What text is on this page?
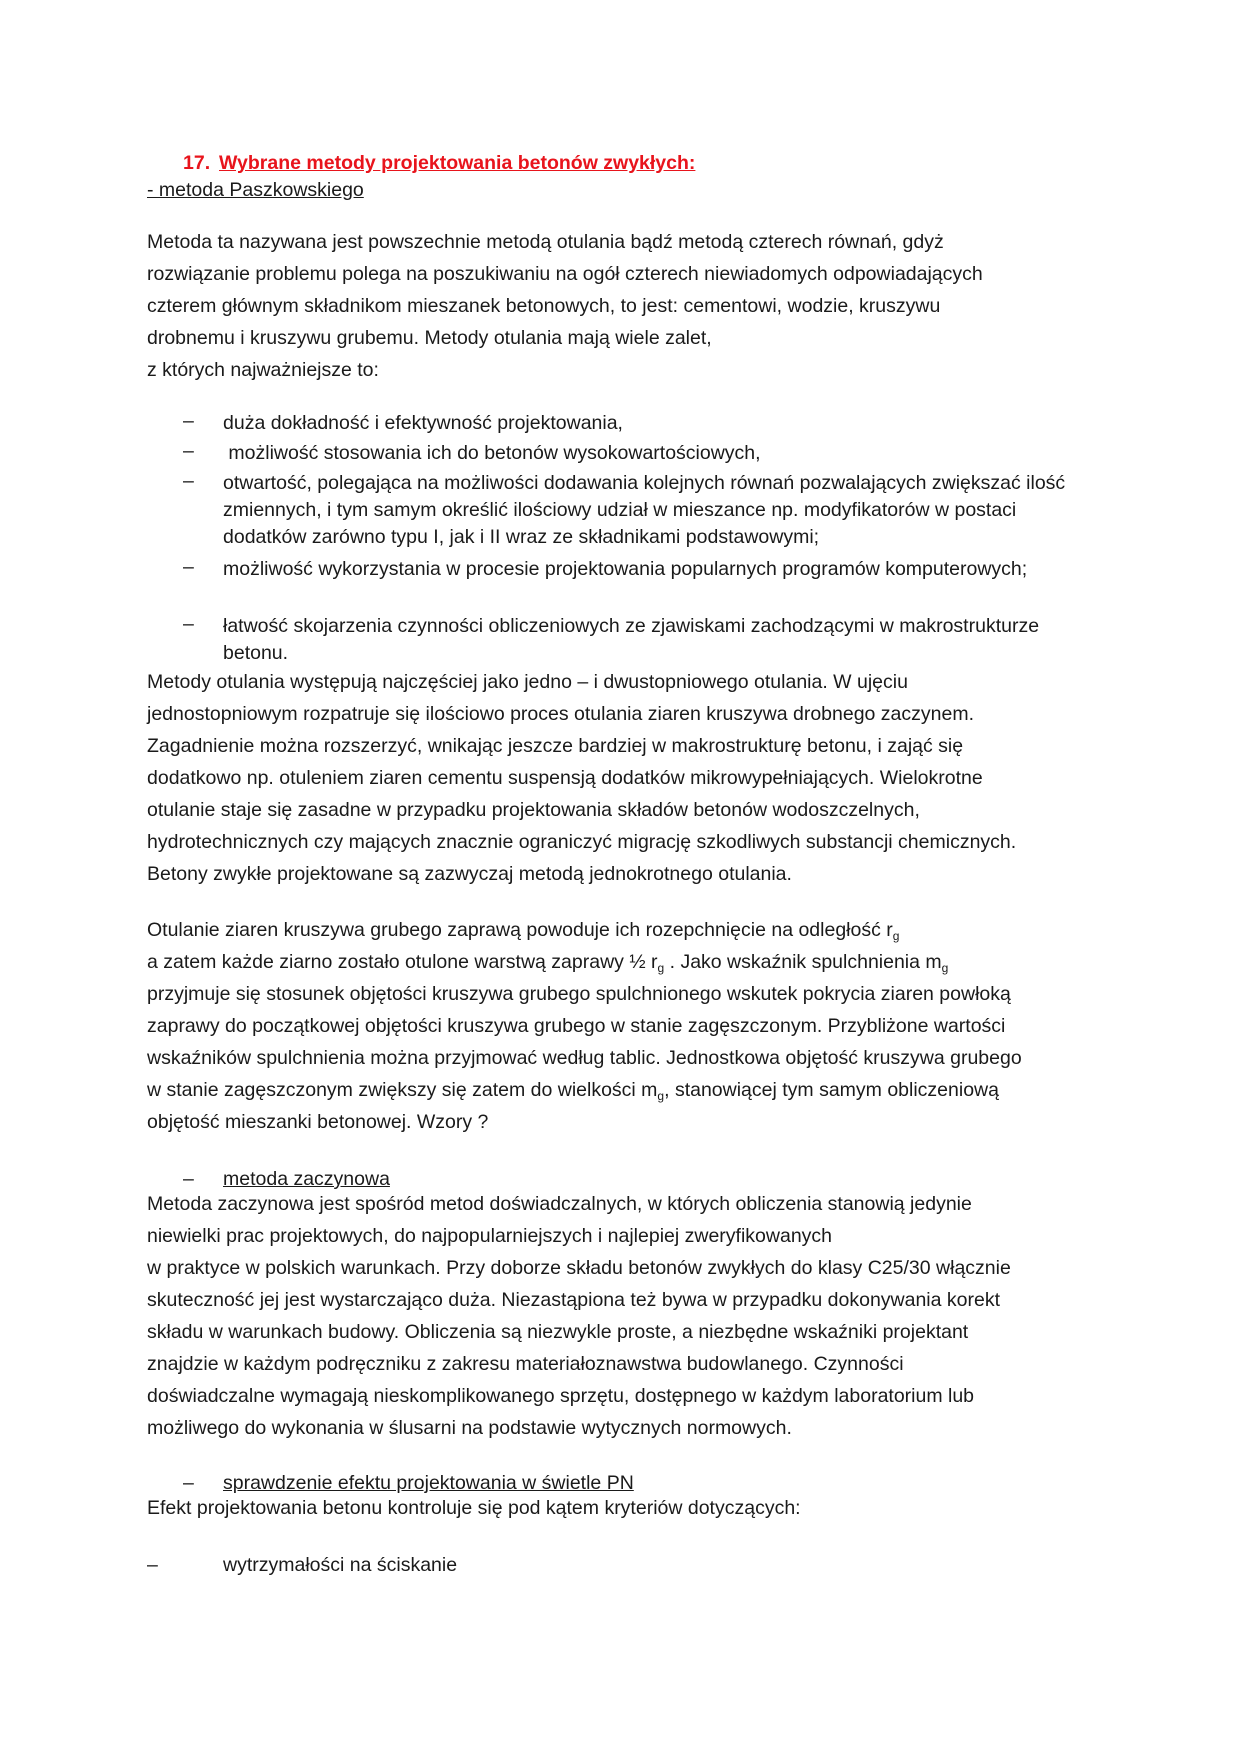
17. Wybrane metody projektowania betonów zwykłych:
- metoda Paszkowskiego

Metoda ta nazywana jest powszechnie metodą otulania bądź metodą czterech równań, gdyż

rozwiązanie problemu polega na poszukiwaniu na ogół czterech niewiadomych odpowiadających

czterem głównym składnikom mieszanek betonowych, to jest: cementowi, wodzie, kruszywu

drobnemu i kruszywu grubemu. Metody otulania mają wiele zalet,

z których najważniejsze to:

– duża dokładność i efektywność projektowania,
– możliwość stosowania ich do betonów wysokowartościowych,
– otwartość, polegająca na możliwości dodawania kolejnych równań pozwalających zwiększać ilość zmiennych, i tym samym określić ilościowy udział w mieszance np. modyfikatorów w postaci dodatków zarówno typu I, jak i II wraz ze składnikami podstawowymi;
– możliwość wykorzystania w procesie projektowania popularnych programów komputerowych;
– łatwość skojarzenia czynności obliczeniowych ze zjawiskami zachodzącymi w makrostrukturze betonu.

Metody otulania występują najczęściej jako jedno – i dwustopniowego otulania. W ujęciu

jednostopniowym rozpatruje się ilościowo proces otulania ziaren kruszywa drobnego zaczynem.

Zagadnienie można rozszerzyć, wnikając jeszcze bardziej w makrostrukturę betonu, i zająć się

dodatkowo np. otuleniem ziaren cementu suspensją dodatków mikrowypełniających. Wielokrotne

otulanie staje się zasadne w przypadku projektowania składów betonów wodoszczelnych,

hydrotechnicznych czy mających znacznie ograniczyć migrację szkodliwych substancji chemicznych.

Betony zwykłe projektowane są zazwyczaj metodą jednokrotnego otulania.

Otulanie ziaren kruszywa grubego zaprawą powoduje ich rozepchnięcie na odległość $r_g$

a zatem każde ziarno zostało otulone warstwą zaprawy ½ $r_g$ . Jako wskaźnik spulchnienia $m_g$

przyjmuje się stosunek objętości kruszywa grubego spulchnionego wskutek pokrycia ziaren powłoką

zaprawy do początkowej objętości kruszywa grubego w stanie zagęszczonym. Przybliżone wartości

wskaźników spulchnienia można przyjmować według tablic. Jednostkowa objętość kruszywa grubego

w stanie zagęszczonym zwiększy się zatem do wielkości $m_g$, stanowiącej tym samym obliczeniową

objętość mieszanki betonowej. Wzory ?

– metoda zaczynowa

Metoda zaczynowa jest spośród metod doświadczalnych, w których obliczenia stanowią jedynie

niewielki prac projektowych, do najpopularniejszych i najlepiej zweryfikowanych

w praktyce w polskich warunkach. Przy doborze składu betonów zwykłych do klasy C25/30 włącznie

skuteczność jej jest wystarczająco duża. Niezastąpiona też bywa w przypadku dokonywania korekt

składu w warunkach budowy. Obliczenia są niezwykle proste, a niezbędne wskaźniki projektant

znajdzie w każdym podręczniku z zakresu materiałoznawstwa budowlanego. Czynności

doświadczalne wymagają nieskomplikowanego sprzętu, dostępnego w każdym laboratorium lub

możliwego do wykonania w ślusarni na podstawie wytycznych normowych.

– sprawdzenie efektu projektowania w świetle PN
Efekt projektowania betonu kontroluje się pod kątem kryteriów dotyczących:
–	wytrzymałości na ściskanie
